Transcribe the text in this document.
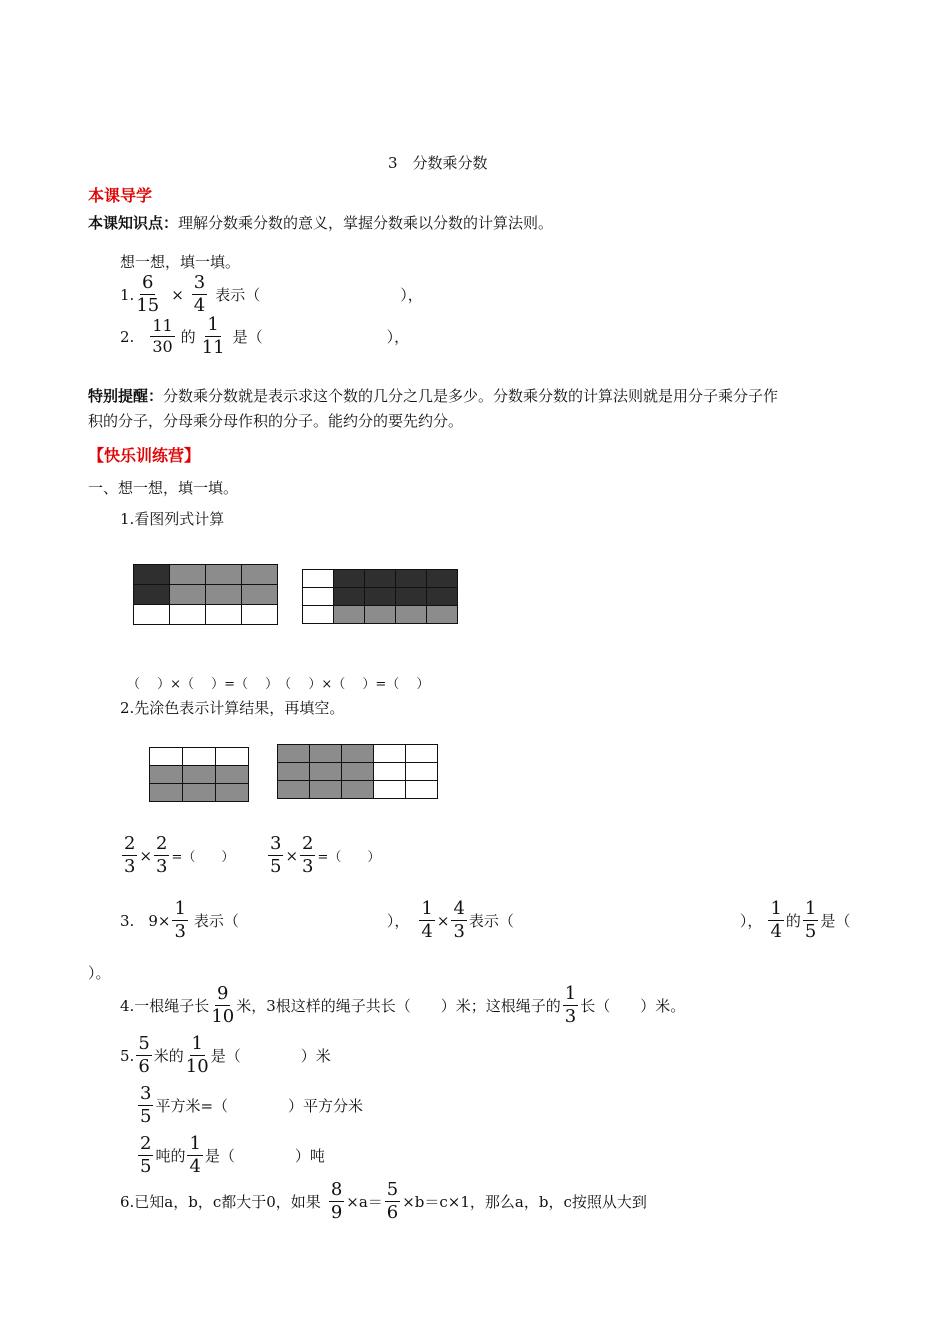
3　分数乘分数
本课导学
本课知识点：理解分数乘分数的意义，掌握分数乘以分数的计算法则。
想一想，填一填。
1. $\frac{6}{15} \times \frac{3}{4}$ 表示（	），
2. $\frac{11}{30}$ 的 $\frac{1}{11}$ 是（	），
特别提醒：分数乘分数就是表示求这个数的几分之几是多少。分数乘分数的计算法则就是用分子乘分子作
积的分子，分母乘分母作积的分子。能约分的要先约分。
【快乐训练营】
一、想一想，填一填。
1.看图列式计算

（　 ）×（　 ）=（　 ）　（　 ）×（　 ）=（　 ）
2.先涂色表示计算结果，再填空。

$\frac{2}{3} \times \frac{2}{3}$ =（　　） $\frac{3}{5} \times \frac{2}{3}$ =（　　）
3. $9\times \frac{1}{3}$ 表示（	）， $\frac{1}{4} \times \frac{4}{3}$ 表示（	）， $\frac{1}{4}$ 的 $\frac{1}{5}$ 是（
）。
4.一根绳子长 $\frac{9}{10}$ 米，3根这样的绳子共长（　　）米；这根绳子的 $\frac{1}{3}$ 长（　　）米。
5. $\frac{5}{6}$ 米的 $\frac{1}{10}$ 是（　　　　）米
$\frac{3}{5}$ 平方米=（　　　　）平方分米
$\frac{2}{5}$ 吨的 $\frac{1}{4}$ 是（　　　　）吨
6.已知a，b，c都大于0，如果 $\frac{8}{9} \times a= \frac{5}{6} \times b=c\times 1$，那么a，b，c按照从大到
